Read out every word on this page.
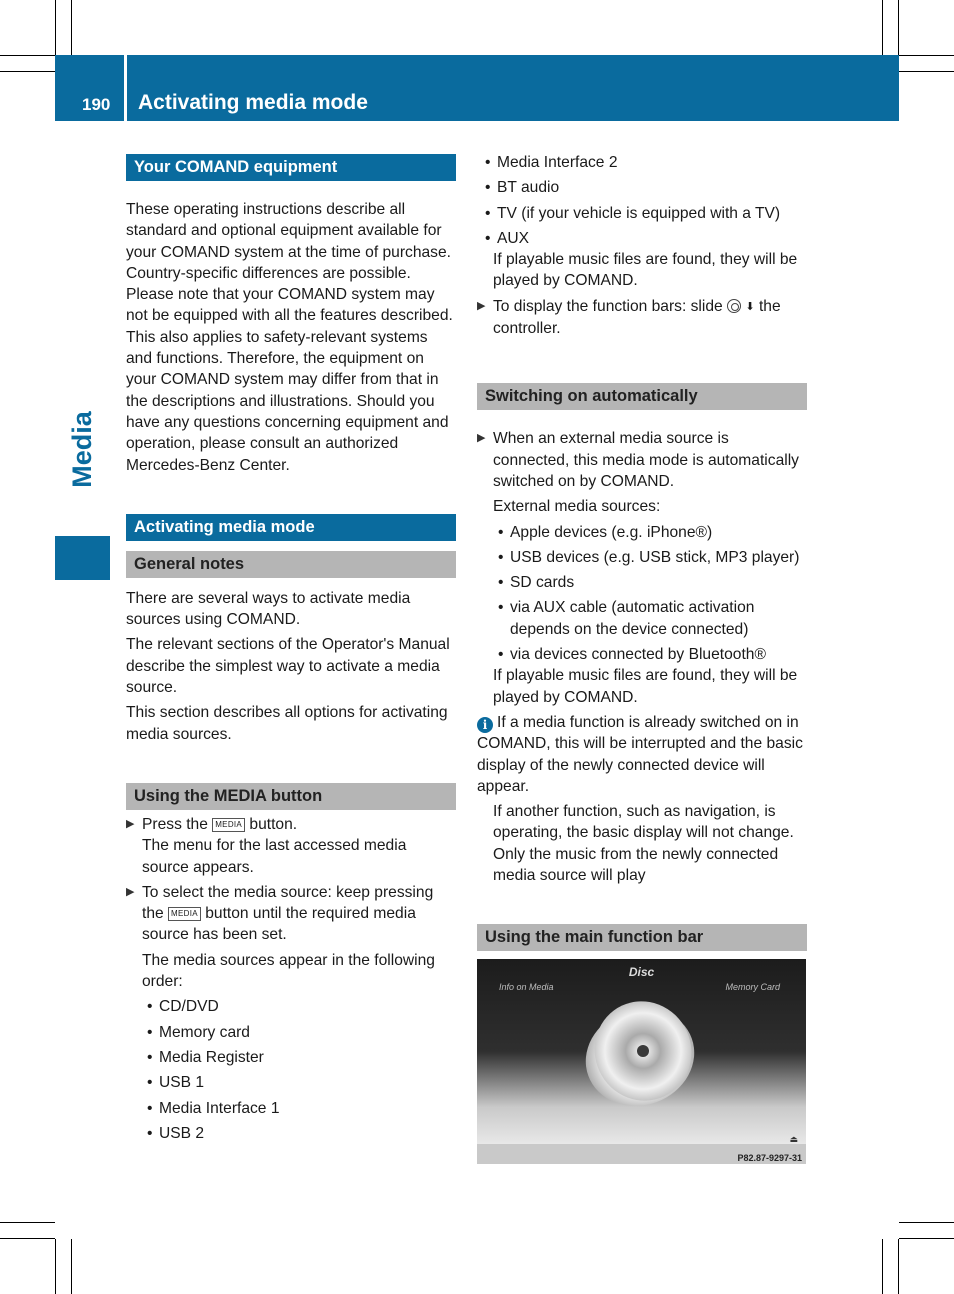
190 Activating media mode
Media
Your COMAND equipment

These operating instructions describe all standard and optional equipment available for your COMAND system at the time of purchase. Country-specific differences are possible. Please note that your COMAND system may not be equipped with all the features described. This also applies to safety-relevant systems and functions. Therefore, the equipment on your COMAND system may differ from that in the descriptions and illustrations. Should you have any questions concerning equipment and operation, please consult an authorized Mercedes-Benz Center.

Activating media mode
General notes

There are several ways to activate media sources using COMAND.

The relevant sections of the Operator's Manual describe the simplest way to activate a media source.

This section describes all options for activating media sources.

Using the MEDIA button
▶ Press the MEDIA button.

The menu for the last accessed media source appears.

▶ To select the media source: keep pressing the MEDIA button until the required media source has been set.

The media sources appear in the following order:

• CD/DVD
• Memory card
• Media Register
• USB 1
• Media Interface 1
• USB 2
• Media Interface 2
• BT audio
• TV (if your vehicle is equipped with a TV)
• AUX

If playable music files are found, they will be played by COMAND.

▶ To display the function bars: slide ⬇ the controller.
Switching on automatically
▶ When an external media source is connected, this media mode is automatically switched on by COMAND.

External media sources:

• Apple devices (e.g. iPhone®)
• USB devices (e.g. USB stick, MP3 player)
• SD cards
• via AUX cable (automatic activation depends on the device connected)
• via devices connected by Bluetooth®

If playable music files are found, they will be played by COMAND.

i If a media function is already switched on in COMAND, this will be interrupted and the basic display of the newly connected device will appear.

If another function, such as navigation, is operating, the basic display will not change. Only the music from the newly connected media source will play

Using the main function bar
Disc
Info on Media	Memory Card
⏏
P82.87-9297-31
